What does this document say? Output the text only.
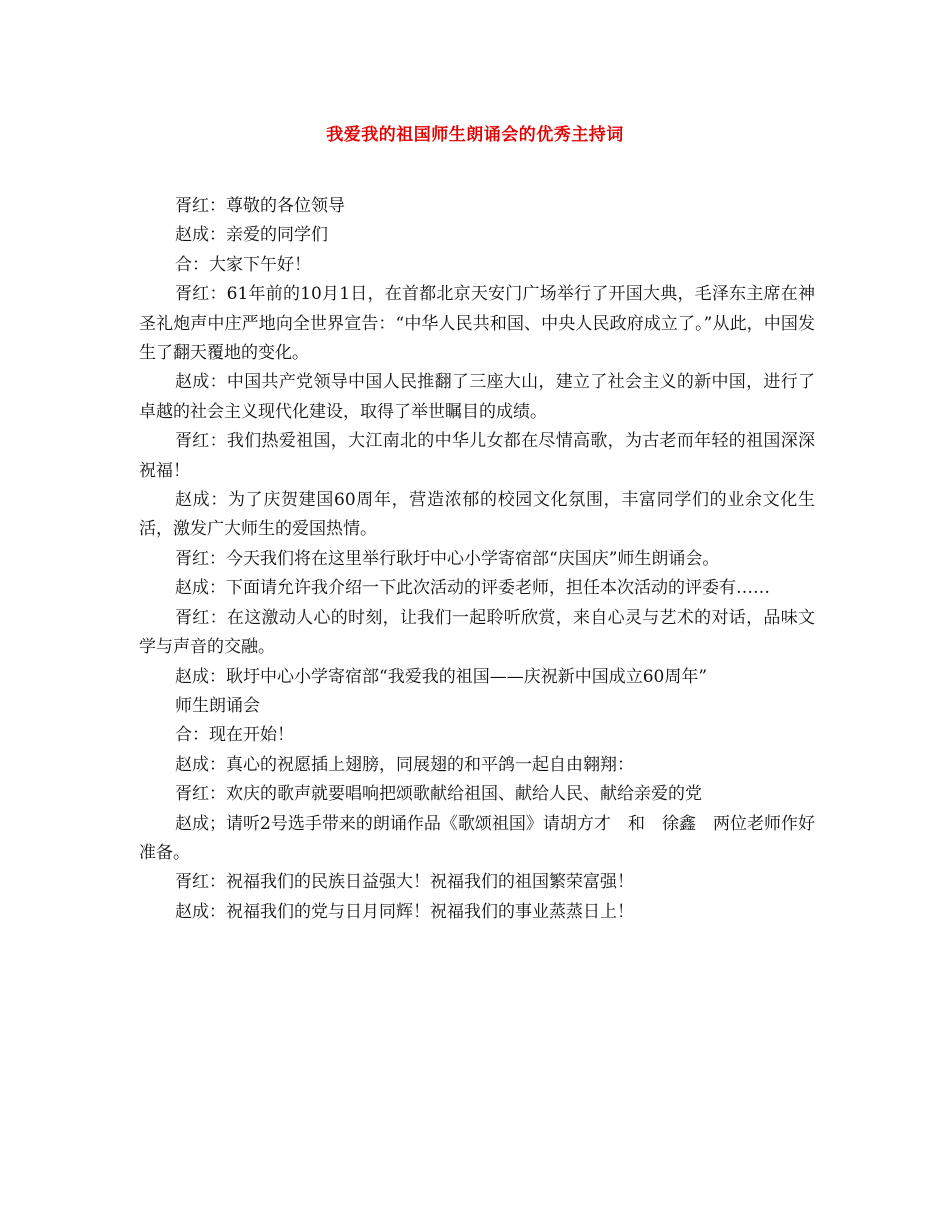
我爱我的祖国师生朗诵会的优秀主持词

胥红：尊敬的各位领导

赵成：亲爱的同学们

合：大家下午好！

胥红：61年前的10月1日，在首都北京天安门广场举行了开国大典，毛泽东主席在神圣礼炮声中庄严地向全世界宣告：“中华人民共和国、中央人民政府成立了。”从此，中国发生了翻天覆地的变化。

赵成：中国共产党领导中国人民推翻了三座大山，建立了社会主义的新中国，进行了卓越的社会主义现代化建设，取得了举世瞩目的成绩。

胥红：我们热爱祖国，大江南北的中华儿女都在尽情高歌，为古老而年轻的祖国深深祝福！

赵成：为了庆贺建国60周年，营造浓郁的校园文化氛围，丰富同学们的业余文化生活，激发广大师生的爱国热情。

胥红：今天我们将在这里举行耿圩中心小学寄宿部“庆国庆”师生朗诵会。

赵成：下面请允许我介绍一下此次活动的评委老师，担任本次活动的评委有……

胥红：在这激动人心的时刻，让我们一起聆听欣赏，来自心灵与艺术的对话，品味文学与声音的交融。

赵成：耿圩中心小学寄宿部“我爱我的祖国——庆祝新中国成立60周年”

师生朗诵会

合：现在开始！

赵成：真心的祝愿插上翅膀，同展翅的和平鸽一起自由翱翔：

胥红：欢庆的歌声就要唱响把颂歌献给祖国、献给人民、献给亲爱的党

赵成；请听2号选手带来的朗诵作品《歌颂祖国》请胡方才　和　徐鑫　两位老师作好准备。

胥红：祝福我们的民族日益强大！祝福我们的祖国繁荣富强！

赵成：祝福我们的党与日月同辉！祝福我们的事业蒸蒸日上！
